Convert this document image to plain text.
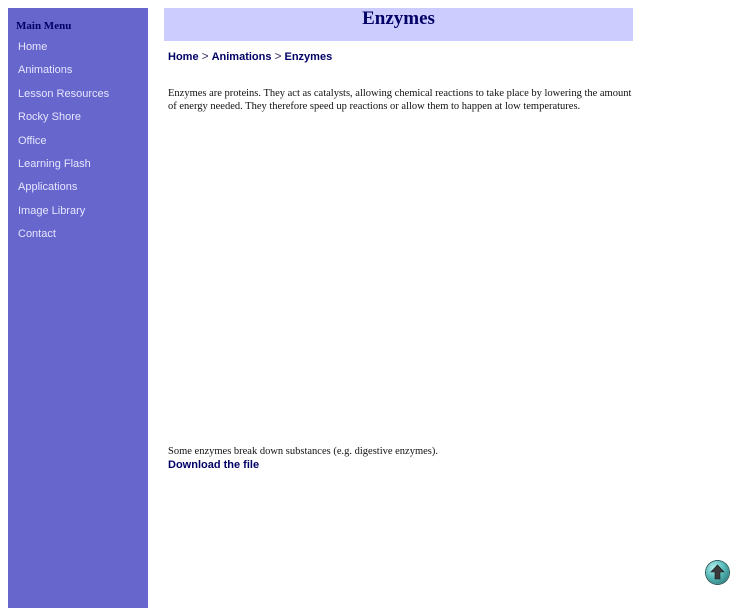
Main Menu
Home
Animations
Lesson Resources
Rocky Shore
Office
Learning Flash
Applications
Image Library
Contact
Enzymes
Home > Animations > Enzymes

Enzymes are proteins. They act as catalysts, allowing chemical reactions to take place by lowering the amount of energy needed. They therefore speed up reactions or allow them to happen at low temperatures.

Some enzymes break down substances (e.g. digestive enzymes).

Download the file
